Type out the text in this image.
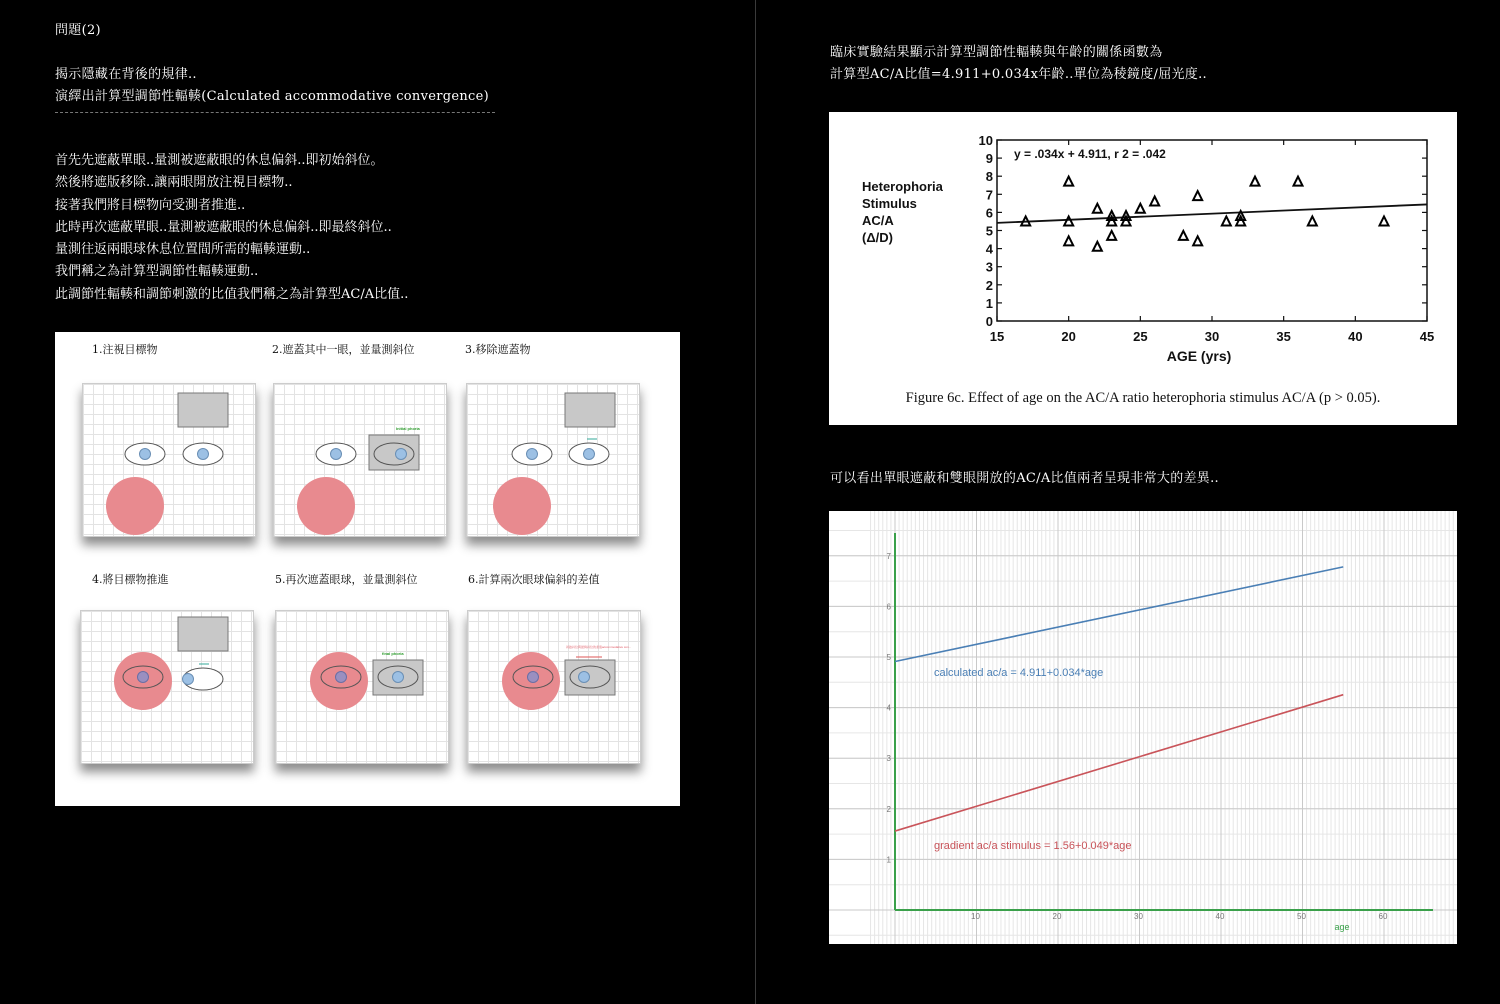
問題(2)
揭示隱藏在背後的規律..
演繹出計算型調節性輻輳(Calculated accommodative convergence)
首先先遮蔽單眼..量測被遮蔽眼的休息偏斜..即初始斜位。
然後將遮版移除..讓兩眼開放注視目標物..
接著我們將目標物向受測者推進..
此時再次遮蔽單眼..量測被遮蔽眼的休息偏斜..即最終斜位..
量測往返兩眼球休息位置間所需的輻輳運動..
我們稱之為計算型調節性輻輳運動..
此調節性輻輳和調節刺激的比值我們稱之為計算型AC/A比值..
1.注視目標物	2.遮蓋其中一眼，並量測斜位	3.移除遮蓋物
4.將目標物推進	5.再次遮蓋眼球，並量測斜位	6.計算兩次眼球偏斜的差值
Initial phoria
final phoria
初始斜位與最終斜位的差值accommodative con...
臨床實驗結果顯示計算型調節性輻輳與年齡的關係函數為
計算型AC/A比值=4.911+0.034x年齡..單位為稜鏡度/屈光度..
Heterophoria
Stimulus
AC/A
(Δ/D)
y = .034x + 4.911, r 2 = .042
AGE (yrs)
0
1
2
3
4
5
6
7
8
9
10
15	20	25	30	35	40	45
Figure 6c. Effect of age on the AC/A ratio heterophoria stimulus AC/A (p > 0.05).
可以看出單眼遮蔽和雙眼開放的AC/A比值兩者呈現非常大的差異..
10	20	30	40	50	60
1
2
3
4
5
6
7
age
calculated ac/a = 4.911+0.034*age
gradient ac/a stimulus = 1.56+0.049*age
